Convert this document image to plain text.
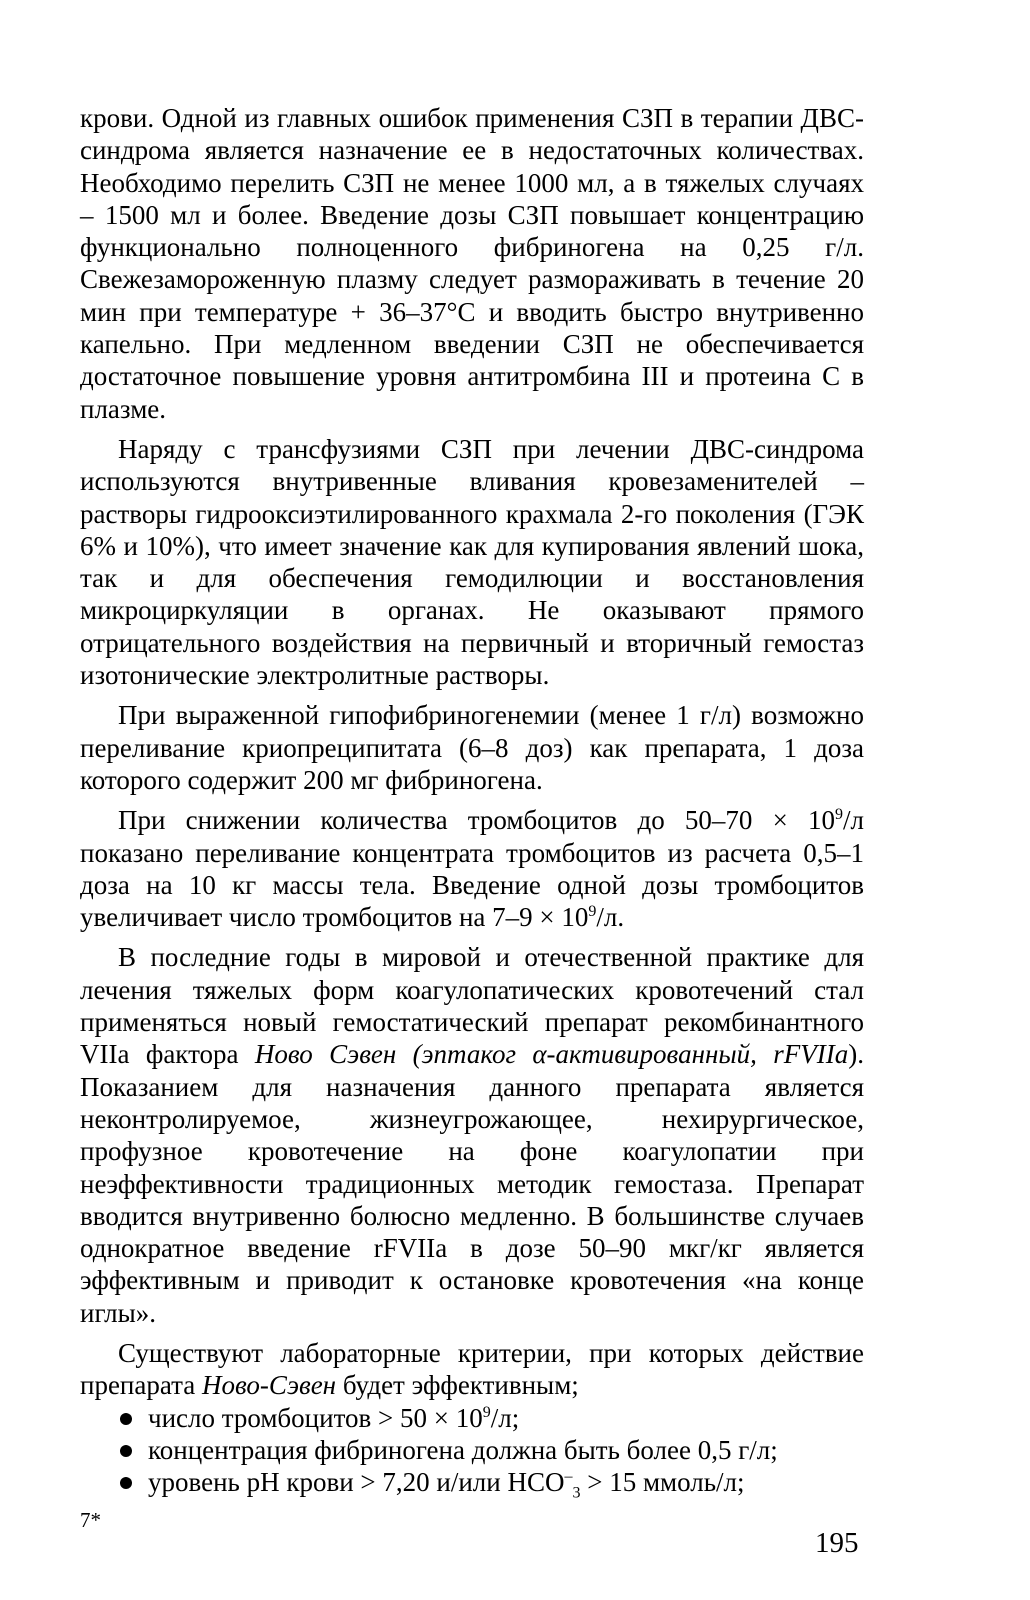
крови. Одной из главных ошибок применения СЗП в терапии ДВС-синдрома является назначение ее в недостаточных количествах. Необходимо перелить СЗП не менее 1000 мл, а в тяжелых случаях – 1500 мл и более. Введение дозы СЗП повышает концентрацию функционально полноценного фибриногена на 0,25 г/л. Свежезамороженную плазму следует размораживать в течение 20 мин при температуре + 36–37°С и вводить быстро внутривенно капельно. При медленном введении СЗП не обеспечивается достаточное повышение уровня антитромбина III и протеина С в плазме.

Наряду с трансфузиями СЗП при лечении ДВС-синдрома используются внутривенные вливания кровезаменителей – растворы гидрооксиэтилированного крахмала 2-го поколения (ГЭК 6% и 10%), что имеет значение как для купирования явлений шока, так и для обеспечения гемодилюции и восстановления микроциркуляции в органах. Не оказывают прямого отрицательного воздействия на первичный и вторичный гемостаз изотонические электролитные растворы.

При выраженной гипофибриногенемии (менее 1 г/л) возможно переливание криопреципитата (6–8 доз) как препарата, 1 доза которого содержит 200 мг фибриногена.

При снижении количества тромбоцитов до $50-70 \times 10^9/л$ показано переливание концентрата тромбоцитов из расчета 0,5–1 доза на 10 кг массы тела. Введение одной дозы тромбоцитов увеличивает число тромбоцитов на $7-9 \times 10^9/л$.

В последние годы в мировой и отечественной практике для лечения тяжелых форм коагулопатических кровотечений стал применяться новый гемостатический препарат рекомбинантного VIIa фактора Ново Сэвен (эптаког α-активированный, rFVIIa). Показанием для назначения данного препарата является неконтролируемое, жизнеугрожающее, нехирургическое, профузное кровотечение на фоне коагулопатии при неэффективности традиционных методик гемостаза. Препарат вводится внутривенно болюсно медленно. В большинстве случаев однократное введение rFVIIa в дозе 50–90 мкг/кг является эффективным и приводит к остановке кровотечения «на конце иглы».

Существуют лабораторные критерии, при которых действие препарата Ново-Сэвен будет эффективным;

число тромбоцитов > $50 \times 10^9/л$;
концентрация фибриногена должна быть более 0,5 г/л;
уровень pH крови > 7,20 и/или $HCO^-_3 > 15$ ммоль/л;
7*
195
